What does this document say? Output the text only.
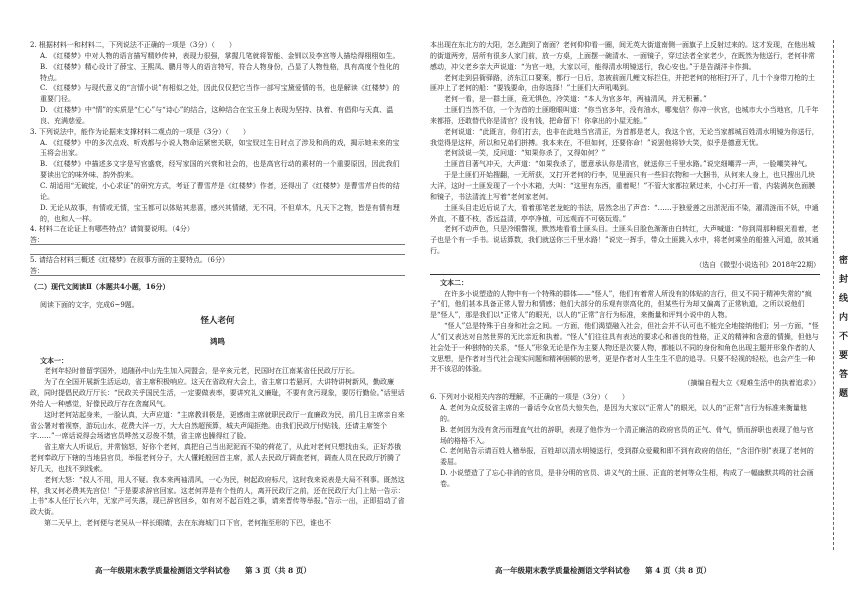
2. 根据材料一和材料二，下列说法不正确的一项是（3分）（　　）

A. 《红楼梦》中对人物的语言描写精妙传神，表现力很强，掌握几笔就将智能、金钏以及李宫等人描绘得栩栩如生。

B. 《红楼梦》精心设计了薛宝、王熙凤、鹏月等人的语言特写，符合人物身份，凸显了人物性格，具有高度个性化的特点。

C. 《红楼梦》与现代意义的“言情小说”有相似之处，因此仅仅把它当作一部写宝黛爱情的书，也是解读《红楼梦》的重要门径。

D. 《红楼梦》中“情”的实质是“仁心”与“诗心”的结合，这种结合在宝玉身上表现为坚持、执着、有倡仰与天真、温良、充满慈爱。

3. 下列说法中，能作为论据来支撑材料二观点的一项是（3分）（　　）

A. 《红楼梦》中的多次点戏、听戏都与小说人物命运紧密关联，如宝钗过生日时点了涉及和尚的戏，揭示她未来的宝玉将会出家。

B. 《红楼梦》中描述多文字是写官盛衰，经写家国的兴衰和社会的，也是高官行动的素材的一个重要原因，因此我们要读出它的味外味、韵外韵来。

C. 胡适用“无破绽，小心求证”的研究方式，考证了曹雪芹是《红楼梦》作者，还得出了《红楼梦》是曹雪芹自传的结论。

D. 无论从故事，有情或无情，宝玉都可以体贴其悲喜，感兴其情緒，无不同，不但草木，凡天下之物，皆是有情有理的，也和人一样。

4. 材料二在论证上有哪些特点？请简要说明。（4分）

答：

5. 请结合材料三概述《红楼梦》在叙事方面的主要特点。（6分）

答：

（二）现代文阅读Ⅱ（本题共4小题，16分）

阅读下面的文字，完成6~9题。

怪人老何

鸿鸣

文本一：

老何年轻时曾留学国外，追随孙中山先生加入同盟会，是辛亥元老，民国时在江南某省任民政厅厅长。

为了在全国开展新生活运动，省主席积极响应。这天在省政府大会上，省主席口若悬河，大讲特讲树新风，勤政廉政，同时提倡民政厅厅长：“民政关乎国民生活，一定要做表率，要讲究礼义廉耻，不要有贪污现象，要厉行勤俭。”话里话外给人一种感觉，好像民政厅存在贪腐风气。

这时老何站起身来，一脸认真，大声应道：“主席教训极是，更感南主席就职民政厅一直廉政为民，前几日主席亲自来省公署对着视察，游玩山水，花费大洋一万，大大自然超预算，城夫声闻拒绝。由我们民政厅付贴钱，还请主席签个字……”一席话说得会场诸官员哗然又忍俊不禁，省主席也臊得红了脸。

省主席大人听说后，并常恼怒，好你个老何，真把自己当出泥泥而不染的荷花了，从此对老何只想找由头，正好苏俄老何奉政厅下辖的当地县官员，举报老何分子，大人懂耗般回首主席，派人去民政厅调查老何，调查人员在民政厅折腾了好几天，也找不到线索。

老何大怒：“叔人不用，用人不疑。我本来两袖清风，一心为民，树起政府标尺，这时我来说表是大局不利事。既然这样，我又何必费其先宫位！”于是要求辞官回家。这老何弄是有个性的人，离开民政厅之前，还在民政厅大门上贴一告示：上书“本人任厅长六年，无家产可失落，现已辞官回乡，如有对不起百姓之事，请来晋传等举报。”告示一出，正即招动了省政大街。

第二天早上，老何便与老吴从一样长眼睛，去在东海城门口下官，老何拖至形的下巴，谁也不

本出现在东北方的大阳，怎么跑到了南面？老何仰仰看一圈，间无英大街道南侧一面旗子上反射过来的。这才发现，在他出城的街道两旁，居所有很多人家门前，放一方桌，上面摆一碗清水、一面镜子，穿过法者全家老少，在既然为他送行，老何非常感动，冲父老乡亲大声说道：“为官一地，大家以可，能得清水明镜送行，我心安也。”于是告湖洋卡作揖。

老何走到县衙驿路，济东江口要案，都行一日后，忽被前面几鲤文标拦住，并把老何的棺柜打开了，几十个身带刀枪的土匪冲上了老何的船：“要钱要命，由你选择！”土匪们大声吼喝到。

老何一看，是一群土匪，竟无惧色，冷笑道：“本人为官多年，两袖清风，并无积蓄。”

土匪们当然不信，一个为首的土匪瞪眼叫道：“你当官多年，没有油水，哪鬼信？你冲一伙官，也城市大小当地官，几千年来都捂，还敢替代你是清官？没有钱，把命留下！你拿出的小屋无能。”

老何说道：“此既言，你们打去，也非在此地当官清正，为首都是老人，我这个官，无论当家都城百姓清水明镜为你送行，我觉得是这样，所以和兄弟们拼搏。我本来在，不但如何，还要你命！”说罢他将钞大笑，似乎是德意无忧。

老何淡说一笑，反问道：“知果你杀了，又得如何？”

土匪首目著气冲天，大声道：“如果我杀了，愿意承认你是清官，就送你三千里水路。”说完细嘲弄一声，一脸嘲笑神气。

于是土匪们开始搜翻，一无所获，又打开老何的行李，见里面只有一些旧衣物和一大捆书，从何来人身上，也只搜出几块大洋，这时一土匪发现了一个小木箱，大叫：“这里有东西，重着呢！”不管大家都拉紧过来，小心打开一看，内装满灰色面膜和镜子，书法清流上写着“老何家老何。

土匪头目走近后说了大，看着那笔老龙蛇的书法，居然念出了声音：“……于独爱莲之出淤泥而不染，濯清涟而不妖，中通外直，不蔓不枝，香远益清，亭亭净植，可远观而不可亵玩焉。”

老何不动声色，只是冷眼瞥视，默然地看看土匪头目。土匪头目脸色渐渐由白转红，大声喊道：“你到周那种眼光看着，老子也是个有一手书。说话算数，我们就送你三千里水路！”说完一挥手，带众土匪跳入水中，将老何乘坐的船推入河道，放其通行。

（选自《微型小说选刊》2018年22期）

文本二：

在许多小说塑造的人物中有一个特殊的群体——“怪人”，他们有着常人所没有的体贴的言行，但又不同于精神失常的“疯子”们，他们甚本具备正常人智力和情感；他们大部分的乐观有崇高化的，但某些行为却又偏离了正常轨道，之所以说他们是“怪人”，那是我们以“正常人”的眼光，以人的“正常”言行为标准，来衡量和评判小说中的人物。

“怪人”总是特殊于自身和社会之间。一方面，他们渴望融入社会，但社会并不认可也不能完全地接纳他们；另一方面，“怪人”们又表达对自然世界的无比亲近和执着。“怪人”们往往具有表达的要求心和善良的性格，正义的精神和含意的情操，但他与社会处于一种独特的关系，“怪人”形象无论是作为主要人物还是次要人物，都能以不同的身份和角色出现主题并形象作者的人文思想，是作者对当代社会现实问题和精神困顿的思考，更是作者对人生生生不息的追寻。只要不轻视的轻松，也会产生一种并不该忍的体验。

（摘编自程大立《观难生活中的执着追求》）

6. 下列对小说相关内容的理解，不正确的一项是（3分）（　　）

A. 老何为众反驳省主席的一番话令众官员大惊失色，是因为大家以“正常人”的眼光，以人的“正常”言行为标准来衡量他的。

B. 老何因为没有贪污而理直气壮的辞职，表现了他作为一个清正廉洁的政府官员的正气、骨气，愤而辞职也表现了他与官场的格格不入。

C. 老何贴告示请百姓人稽举报，百姓却以清水明镜送行，受到群众爱戴和即不到有政府的信任，“含泪作别”表现了老何的委屈。

D. 小说塑造了了忘心非消的官员，是非分明的官员、讲义气的土匪、正直的老何等众生相，构成了一幅幽默共鸣的社会画卷。

高一年级期末教学质量检测语文学科试卷　　第 3 页（共 8 页）	高一年级期末教学质量检测语文学科试卷　　第 4 页（共 8 页）
密封线内不要答题
